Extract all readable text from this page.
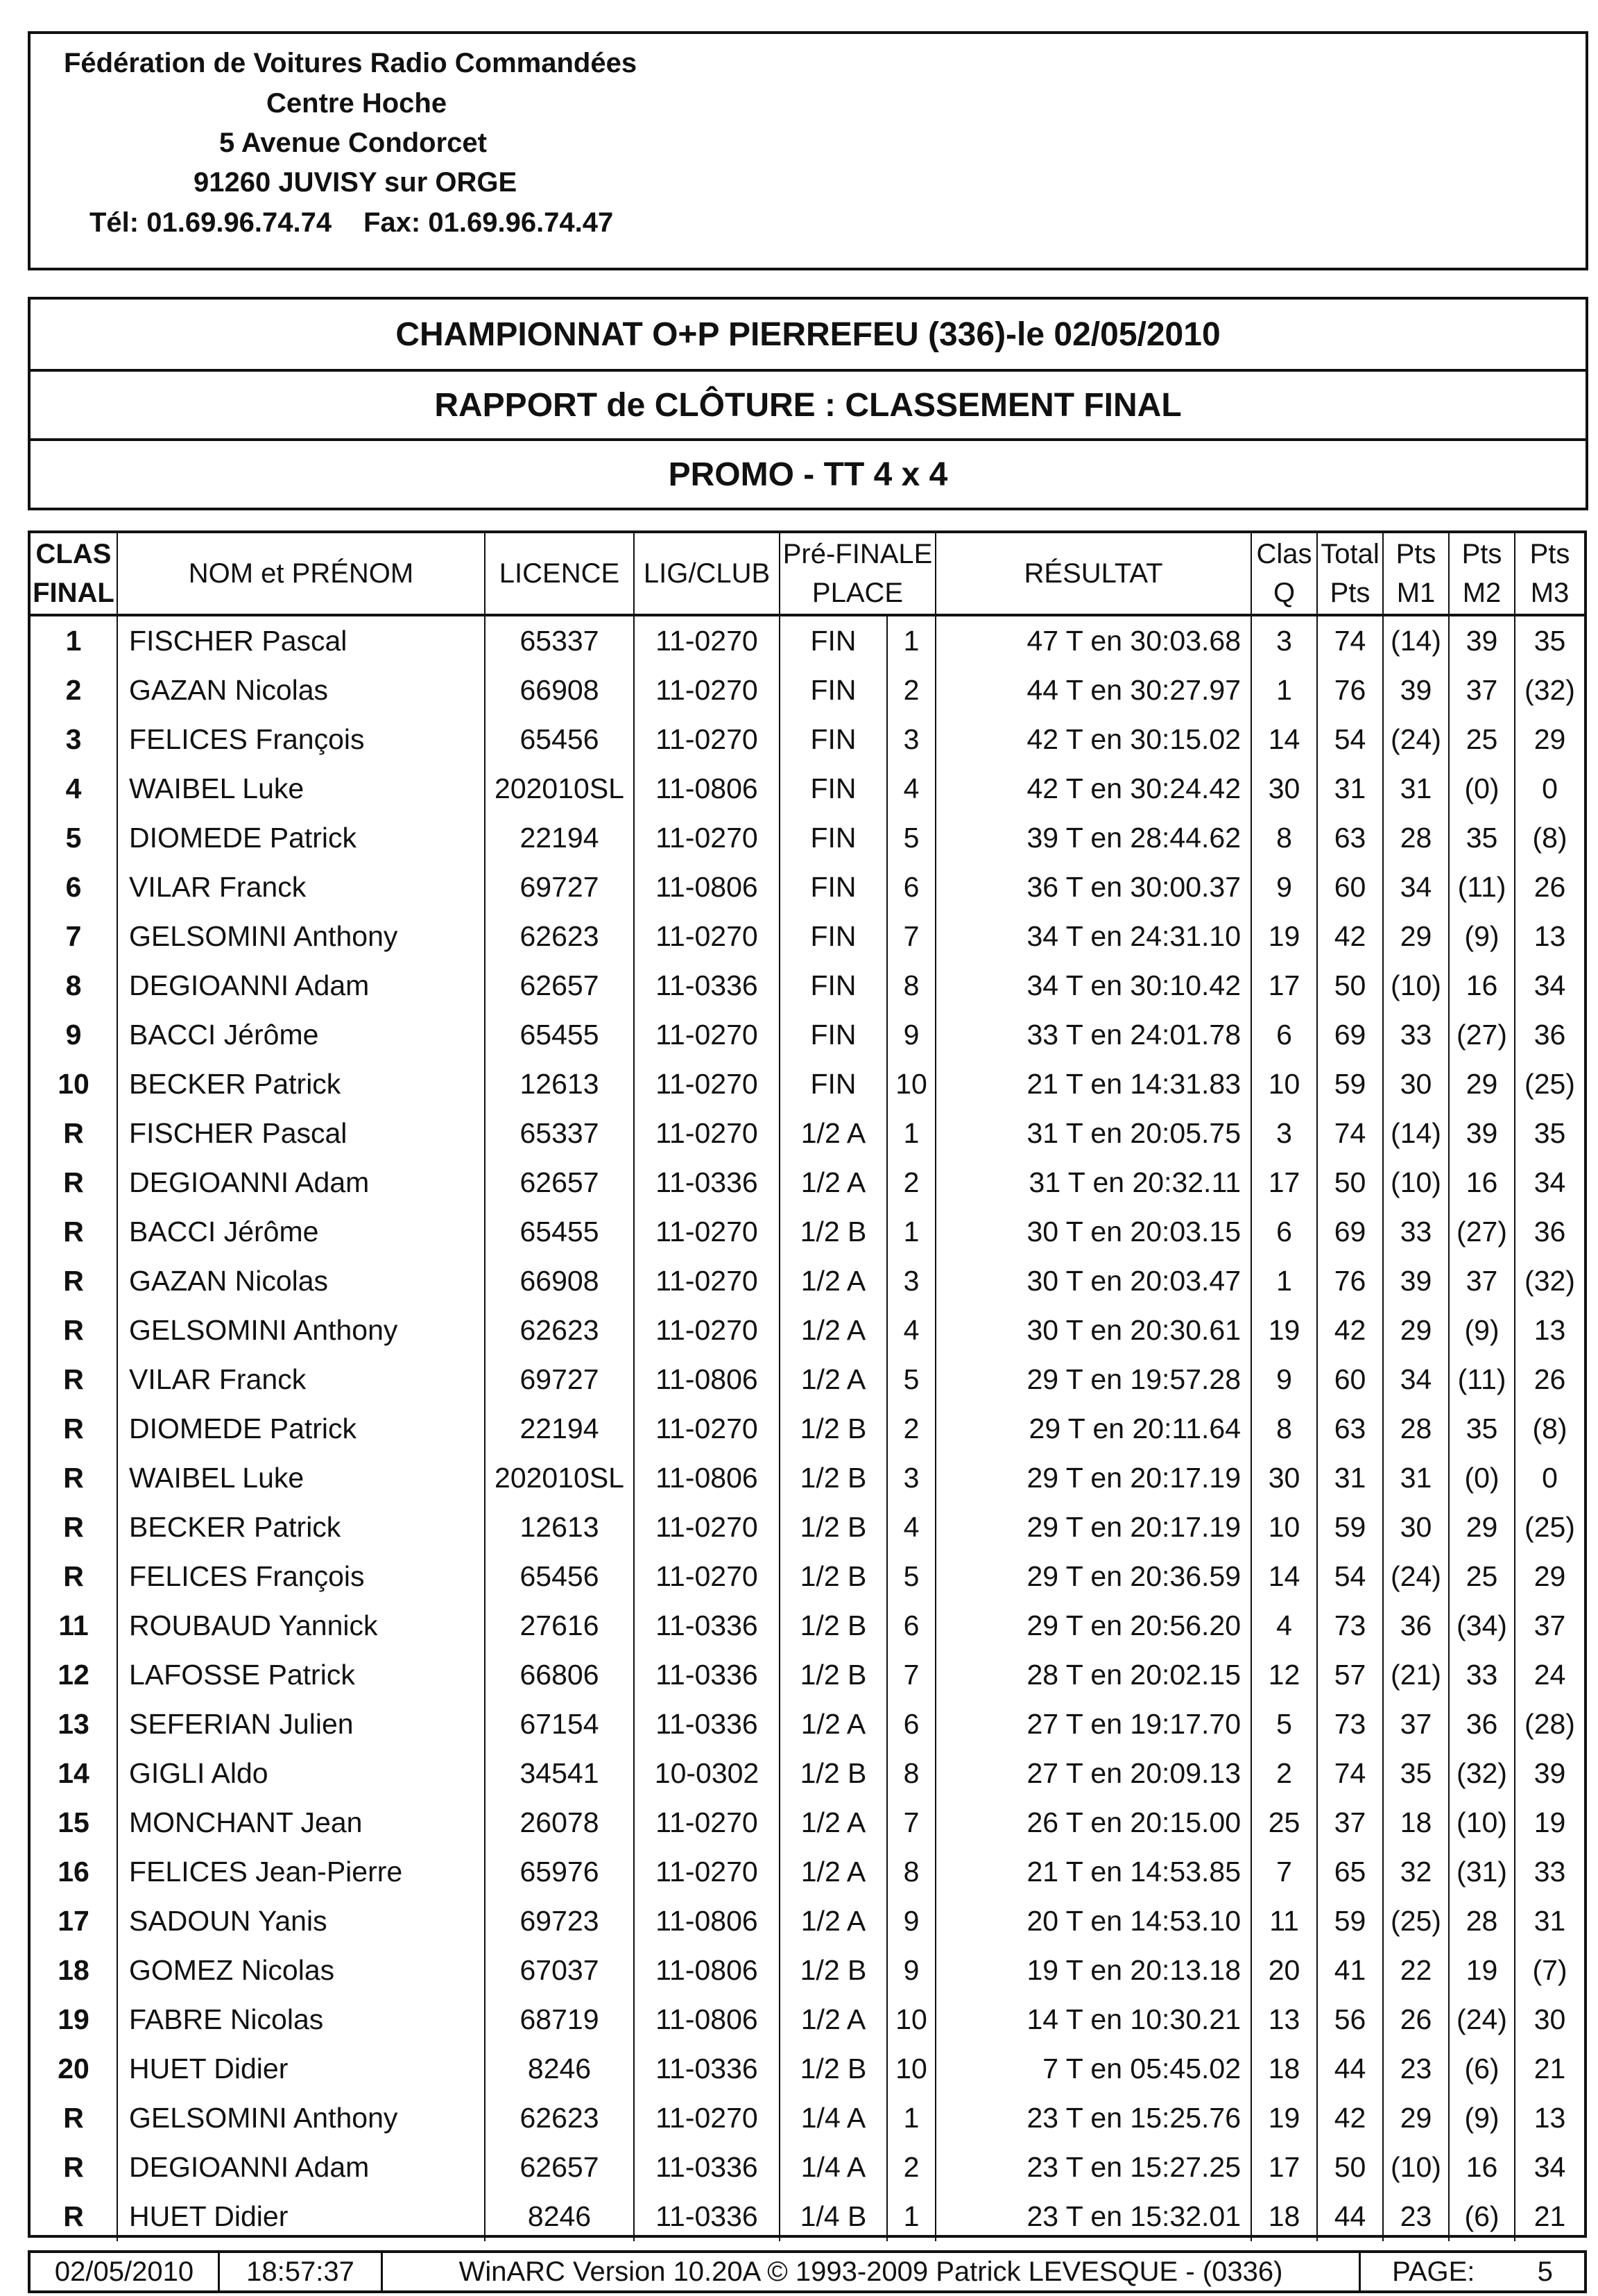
Fédération de Voitures Radio Commandées
Centre Hoche
5 Avenue Condorcet
91260 JUVISY sur ORGE
Tél: 01.69.96.74.74 Fax: 01.69.96.74.47
CHAMPIONNAT O+P PIERREFEU (336)-le 02/05/2010
RAPPORT de CLÔTURE : CLASSEMENT FINAL
PROMO - TT 4 x 4
CLAS FINAL	NOM et PRÉNOM	LICENCE	LIG/CLUB	Pré-FINALE PLACE		RÉSULTAT	Clas Q	Total Pts	Pts M1	Pts M2	Pts M3
1	FISCHER Pascal	65337	11-0270	FIN	1	47 T en 30:03.68	3	74	(14)	39	35
2	GAZAN Nicolas	66908	11-0270	FIN	2	44 T en 30:27.97	1	76	39	37	(32)
3	FELICES François	65456	11-0270	FIN	3	42 T en 30:15.02	14	54	(24)	25	29
4	WAIBEL Luke	202010SL	11-0806	FIN	4	42 T en 30:24.42	30	31	31	(0)	0
5	DIOMEDE Patrick	22194	11-0270	FIN	5	39 T en 28:44.62	8	63	28	35	(8)
6	VILAR Franck	69727	11-0806	FIN	6	36 T en 30:00.37	9	60	34	(11)	26
7	GELSOMINI Anthony	62623	11-0270	FIN	7	34 T en 24:31.10	19	42	29	(9)	13
8	DEGIOANNI Adam	62657	11-0336	FIN	8	34 T en 30:10.42	17	50	(10)	16	34
9	BACCI Jérôme	65455	11-0270	FIN	9	33 T en 24:01.78	6	69	33	(27)	36
10	BECKER Patrick	12613	11-0270	FIN	10	21 T en 14:31.83	10	59	30	29	(25)
R	FISCHER Pascal	65337	11-0270	1/2 A	1	31 T en 20:05.75	3	74	(14)	39	35
R	DEGIOANNI Adam	62657	11-0336	1/2 A	2	31 T en 20:32.11	17	50	(10)	16	34
R	BACCI Jérôme	65455	11-0270	1/2 B	1	30 T en 20:03.15	6	69	33	(27)	36
R	GAZAN Nicolas	66908	11-0270	1/2 A	3	30 T en 20:03.47	1	76	39	37	(32)
R	GELSOMINI Anthony	62623	11-0270	1/2 A	4	30 T en 20:30.61	19	42	29	(9)	13
R	VILAR Franck	69727	11-0806	1/2 A	5	29 T en 19:57.28	9	60	34	(11)	26
R	DIOMEDE Patrick	22194	11-0270	1/2 B	2	29 T en 20:11.64	8	63	28	35	(8)
R	WAIBEL Luke	202010SL	11-0806	1/2 B	3	29 T en 20:17.19	30	31	31	(0)	0
R	BECKER Patrick	12613	11-0270	1/2 B	4	29 T en 20:17.19	10	59	30	29	(25)
R	FELICES François	65456	11-0270	1/2 B	5	29 T en 20:36.59	14	54	(24)	25	29
11	ROUBAUD Yannick	27616	11-0336	1/2 B	6	29 T en 20:56.20	4	73	36	(34)	37
12	LAFOSSE Patrick	66806	11-0336	1/2 B	7	28 T en 20:02.15	12	57	(21)	33	24
13	SEFERIAN Julien	67154	11-0336	1/2 A	6	27 T en 19:17.70	5	73	37	36	(28)
14	GIGLI Aldo	34541	10-0302	1/2 B	8	27 T en 20:09.13	2	74	35	(32)	39
15	MONCHANT Jean	26078	11-0270	1/2 A	7	26 T en 20:15.00	25	37	18	(10)	19
16	FELICES Jean-Pierre	65976	11-0270	1/2 A	8	21 T en 14:53.85	7	65	32	(31)	33
17	SADOUN Yanis	69723	11-0806	1/2 A	9	20 T en 14:53.10	11	59	(25)	28	31
18	GOMEZ Nicolas	67037	11-0806	1/2 B	9	19 T en 20:13.18	20	41	22	19	(7)
19	FABRE Nicolas	68719	11-0806	1/2 A	10	14 T en 10:30.21	13	56	26	(24)	30
20	HUET Didier	8246	11-0336	1/2 B	10	7 T en 05:45.02	18	44	23	(6)	21
R	GELSOMINI Anthony	62623	11-0270	1/4 A	1	23 T en 15:25.76	19	42	29	(9)	13
R	DEGIOANNI Adam	62657	11-0336	1/4 A	2	23 T en 15:27.25	17	50	(10)	16	34
R	HUET Didier	8246	11-0336	1/4 B	1	23 T en 15:32.01	18	44	23	(6)	21
02/05/2010	18:57:37	WinARC Version 10.20A © 1993-2009 Patrick LEVESQUE - (0336)	PAGE: 5
